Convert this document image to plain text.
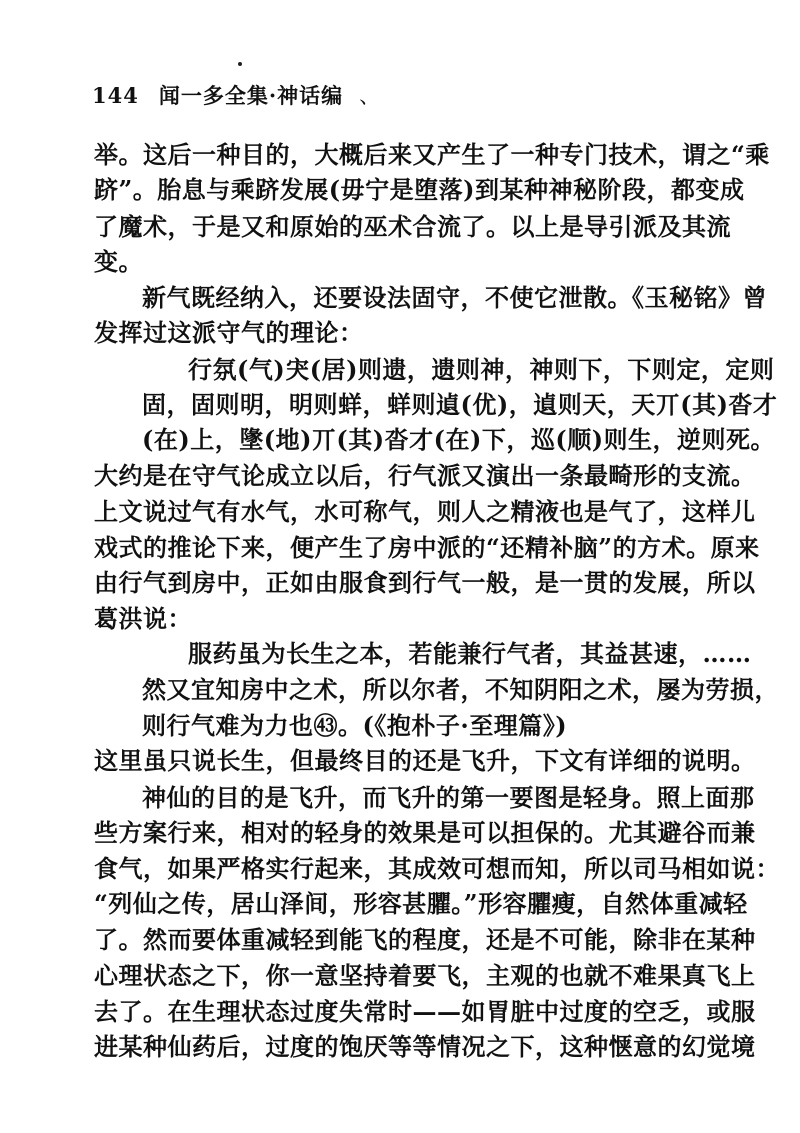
144 闻一多全集·神话编 、
举。这后一种目的，大概后来又产生了一种专门技术，谓之“乘
跻”。胎息与乘跻发展(毋宁是堕落)到某种神秘阶段，都变成
了魔术，于是又和原始的巫术合流了。以上是导引派及其流
变。
新气既经纳入，还要设法固守，不使它泄散。《玉秘铭》曾
发挥过这派守气的理论：
行氛(气)宊(居)则遗，遗则神，神则下，下则定，定则
固，固则明，明则蛘，蛘则遉(优)，遉则天，天丌(其)沓才
(在)上，墬(地)丌(其)沓才(在)下，巡(顺)则生，逆则死。
大约是在守气论成立以后，行气派又演出一条最畸形的支流。
上文说过气有水气，水可称气，则人之精液也是气了，这样儿
戏式的推论下来，便产生了房中派的“还精补脑”的方术。原来
由行气到房中，正如由服食到行气一般，是一贯的发展，所以
葛洪说：
服药虽为长生之本，若能兼行气者，其益甚速，……
然又宜知房中之术，所以尔者，不知阴阳之术，屡为劳损，
则行气难为力也㊸。(《抱朴子·至理篇》)
这里虽只说长生，但最终目的还是飞升，下文有详细的说明。
神仙的目的是飞升，而飞升的第一要图是轻身。照上面那
些方案行来，相对的轻身的效果是可以担保的。尤其避谷而兼
食气，如果严格实行起来，其成效可想而知，所以司马相如说：
“列仙之传，居山泽间，形容甚臞。”形容臞瘦，自然体重减轻
了。然而要体重减轻到能飞的程度，还是不可能，除非在某种
心理状态之下，你一意坚持着要飞，主观的也就不难果真飞上
去了。在生理状态过度失常时——如胃脏中过度的空乏，或服
进某种仙药后，过度的饱厌等等情况之下，这种惬意的幻觉境
